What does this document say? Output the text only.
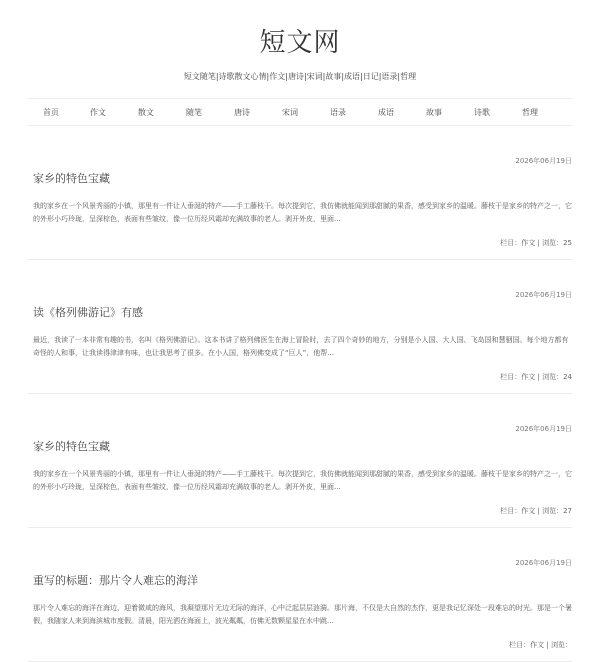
短文网
短文随笔|诗歌散文心情|作文|唐诗|宋词|故事|成语|日记|语录|哲理
首页	作文	散文	随笔	唐诗	宋词	语录	成语	故事	诗歌	哲理
2026年06月19日
家乡的特色宝藏
我的家乡在一个风景秀丽的小镇，那里有一件让人垂涎的特产——手工藤枝干。每次提到它，我仿佛就能闻到那甜腻的果香，感受到家乡的温暖。藤枝干是家乡的特产之一，它的外形小巧玲珑，呈深棕色，表面有些皱纹，像一位历经风霜却充满故事的老人。剥开外皮，里面...
栏目：作文 | 浏览：25
2026年06月19日
读《格列佛游记》有感
最近，我读了一本非常有趣的书，名叫《格列佛游记》。这本书讲了格列佛医生在海上冒险时，去了四个奇妙的地方，分别是小人国、大人国、飞岛国和慧骃国。每个地方都有奇怪的人和事，让我读得津津有味，也让我思考了很多。在小人国，格列佛变成了“巨人”，他帮...
栏目：作文 | 浏览：24
2026年06月19日
家乡的特色宝藏
我的家乡在一个风景秀丽的小镇，那里有一件让人垂涎的特产——手工藤枝干。每次提到它，我仿佛就能闻到那甜腻的果香，感受到家乡的温暖。藤枝干是家乡的特产之一，它的外形小巧玲珑，呈深棕色，表面有些皱纹，像一位历经风霜却充满故事的老人。剥开外皮，里面...
栏目：作文 | 浏览：27
2026年06月19日
重写的标题：那片令人难忘的海洋
那片令人难忘的海洋在海边，迎着微咸的海风，我凝望那片无边无际的海洋，心中泛起层层涟漪。那片海，不仅是大自然的杰作，更是我记忆深处一段难忘的时光。那是一个暑假，我随家人来到海滨城市度假。清晨，阳光洒在海面上，波光粼粼，仿佛无数颗星星在水中跳...
栏目：作文 | 浏览：
